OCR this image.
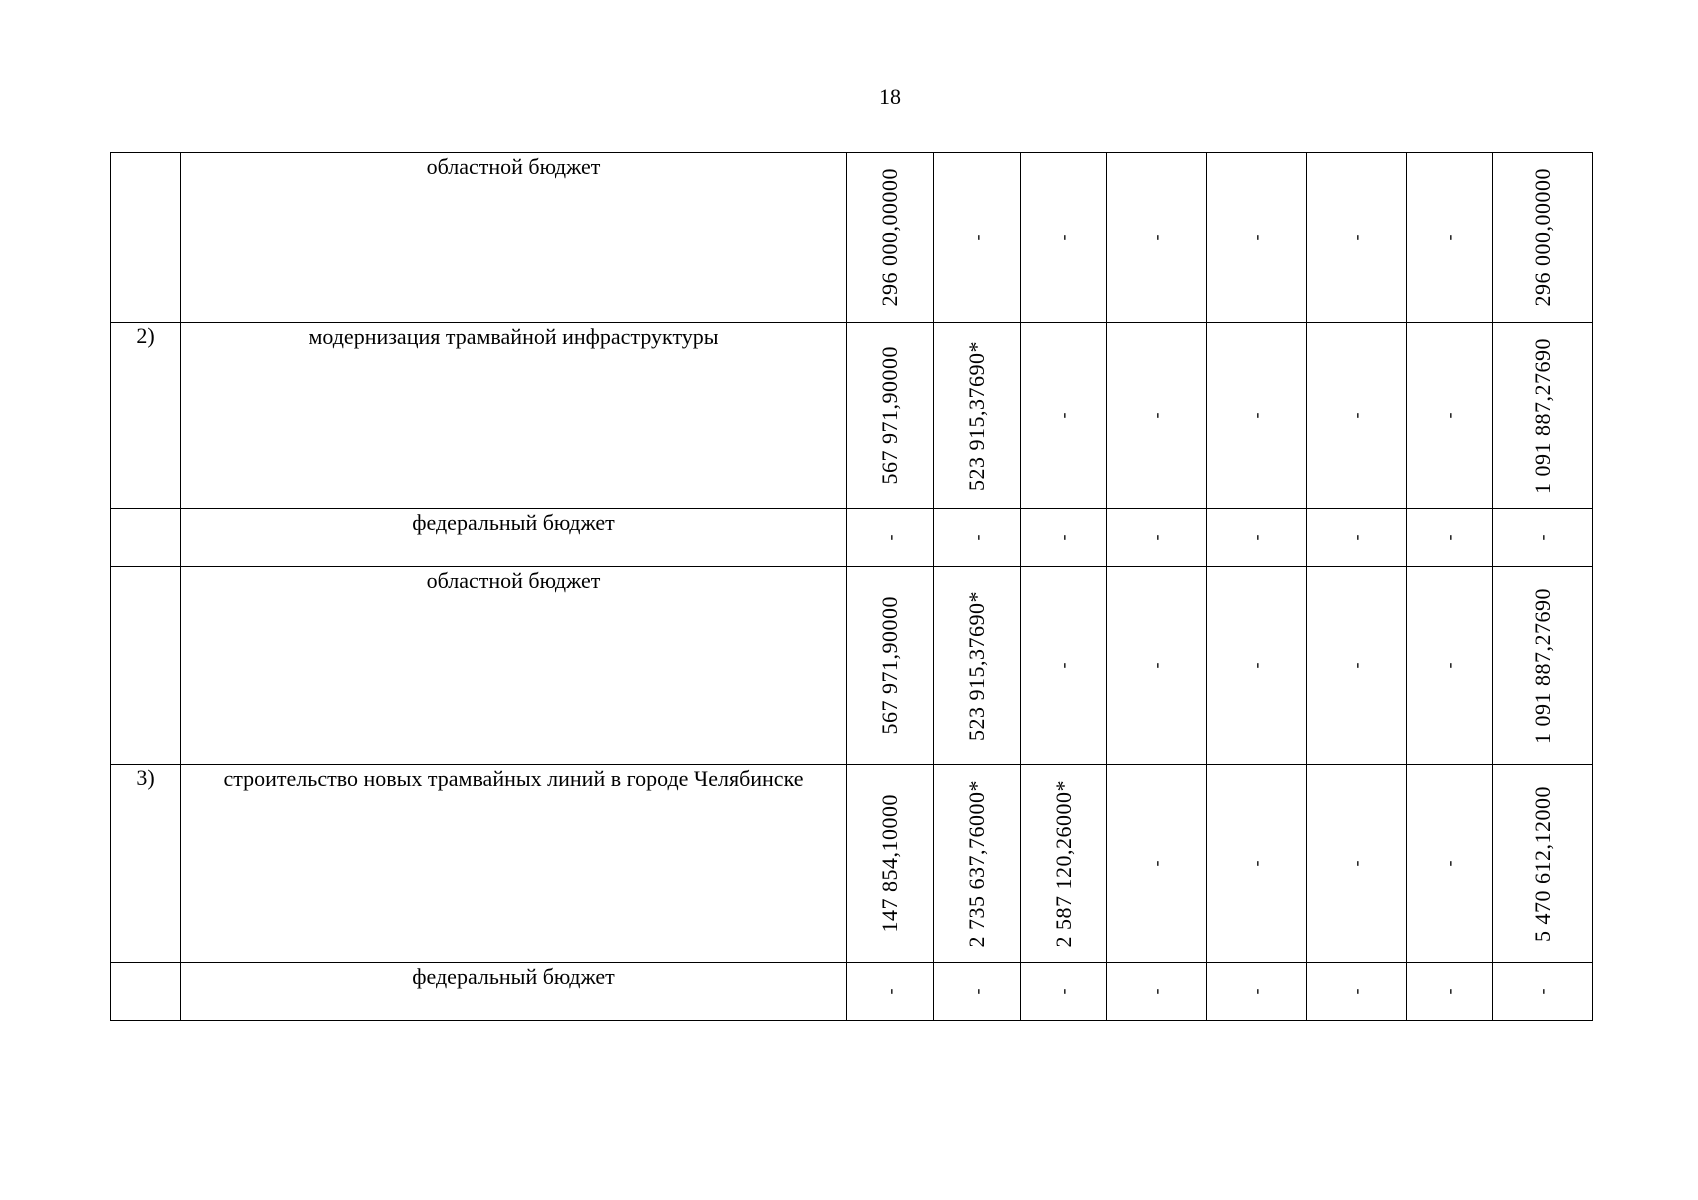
18
	областной бюджет	296 000,00000	-	-	-	-	-	-	296 000,00000

2)	модернизация трамвайной инфраструктуры	567 971,90000	523 915,37690*	-	-	-	-	-	1 091 887,27690

	федеральный бюджет	-	-	-	-	-	-	-	-

	областной бюджет	567 971,90000	523 915,37690*	-	-	-	-	-	1 091 887,27690

3)	строительство новых трамвайных линий в городе Челябинске	147 854,10000	2 735 637,76000*	2 587 120,26000*	-	-	-	-	5 470 612,12000

	федеральный бюджет	-	-	-	-	-	-	-	-
